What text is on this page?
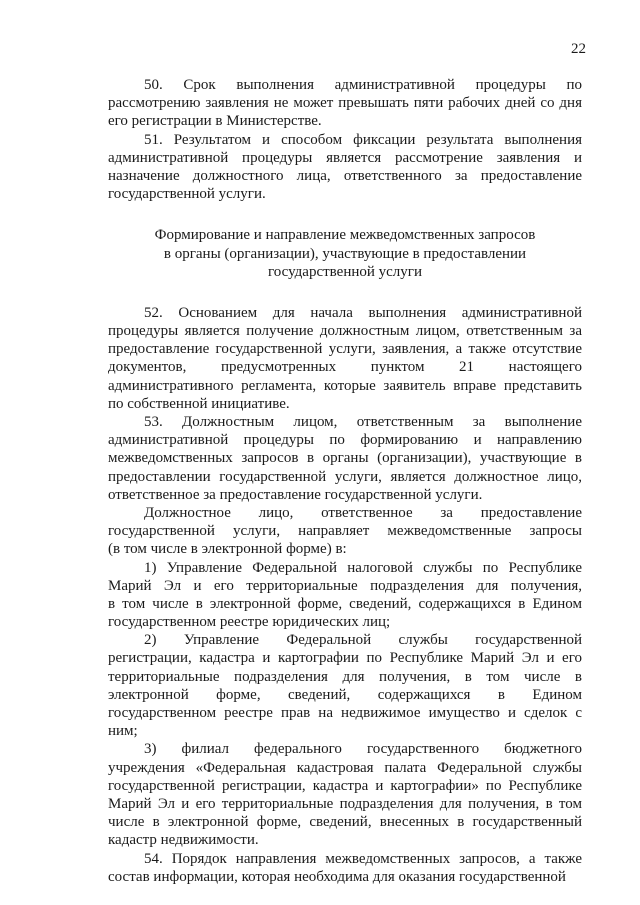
22
50. Срок выполнения административной процедуры по
рассмотрению заявления не может превышать пяти рабочих дней со дня
его регистрации в Министерстве.
51. Результатом и способом фиксации результата выполнения
административной процедуры является рассмотрение заявления и
назначение должностного лица, ответственного за предоставление
государственной услуги.
Формирование и направление межведомственных запросов
в органы (организации), участвующие в предоставлении
государственной услуги
52. Основанием для начала выполнения административной
процедуры является получение должностным лицом, ответственным за
предоставление государственной услуги, заявления, а также отсутствие
документов, предусмотренных пунктом 21 настоящего
административного регламента, которые заявитель вправе представить
по собственной инициативе.
53. Должностным лицом, ответственным за выполнение
административной процедуры по формированию и направлению
межведомственных запросов в органы (организации), участвующие в
предоставлении государственной услуги, является должностное лицо,
ответственное за предоставление государственной услуги.
Должностное лицо, ответственное за предоставление
государственной услуги, направляет межведомственные запросы
(в том числе в электронной форме) в:
1) Управление Федеральной налоговой службы по Республике
Марий Эл и его территориальные подразделения для получения,
в том числе в электронной форме, сведений, содержащихся в Едином
государственном реестре юридических лиц;
2) Управление Федеральной службы государственной
регистрации, кадастра и картографии по Республике Марий Эл и его
территориальные подразделения для получения, в том числе в
электронной форме, сведений, содержащихся в Едином
государственном реестре прав на недвижимое имущество и сделок с
ним;
3) филиал федерального государственного бюджетного
учреждения «Федеральная кадастровая палата Федеральной службы
государственной регистрации, кадастра и картографии» по Республике
Марий Эл и его территориальные подразделения для получения, в том
числе в электронной форме, сведений, внесенных в государственный
кадастр недвижимости.
54. Порядок направления межведомственных запросов, а также
состав информации, которая необходима для оказания государственной
